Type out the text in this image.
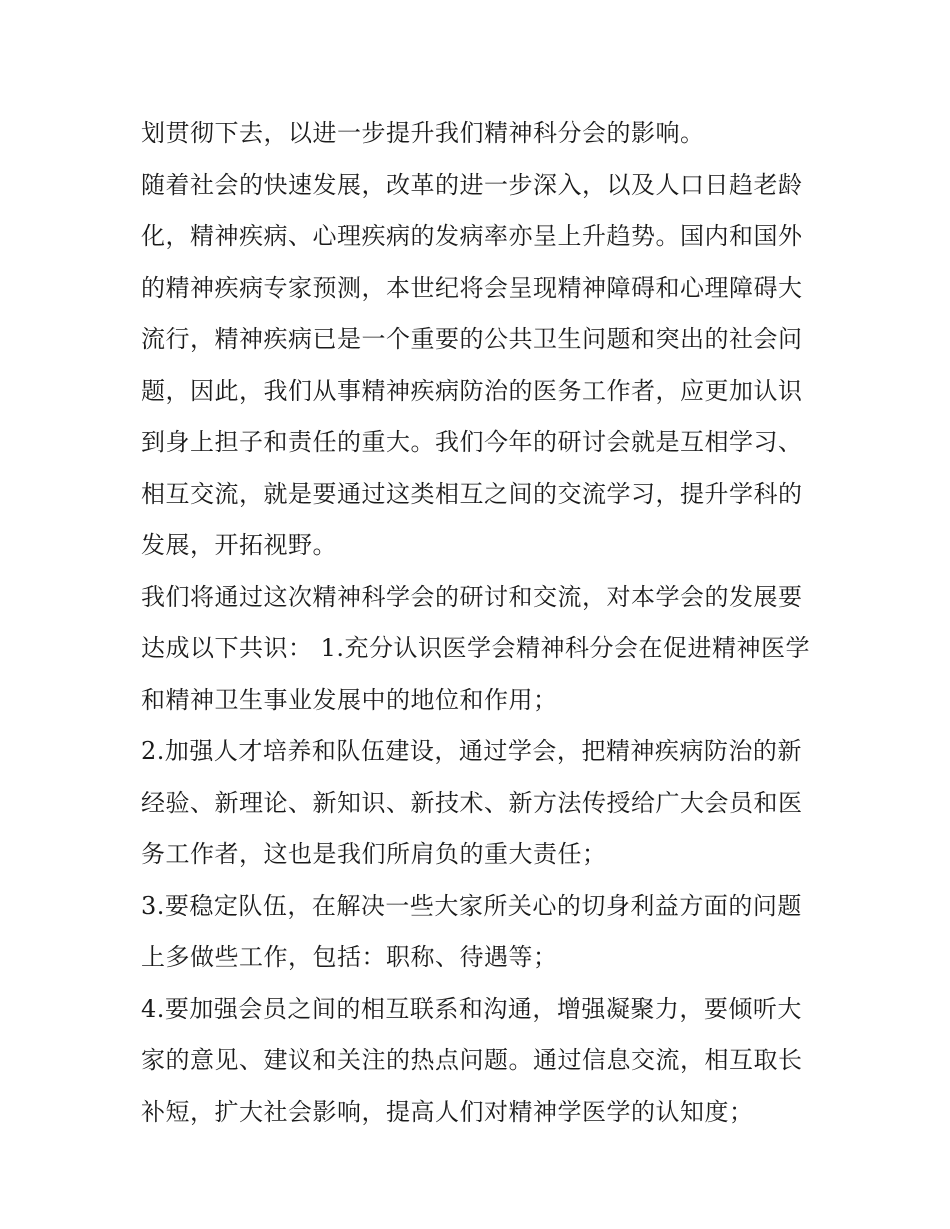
划贯彻下去，以进一步提升我们精神科分会的影响。
随着社会的快速发展，改革的进一步深入，以及人口日趋老龄
化，精神疾病、心理疾病的发病率亦呈上升趋势。国内和国外
的精神疾病专家预测，本世纪将会呈现精神障碍和心理障碍大
流行，精神疾病已是一个重要的公共卫生问题和突出的社会问
题，因此，我们从事精神疾病防治的医务工作者，应更加认识
到身上担子和责任的重大。我们今年的研讨会就是互相学习、
相互交流，就是要通过这类相互之间的交流学习，提升学科的
发展，开拓视野。
我们将通过这次精神科学会的研讨和交流，对本学会的发展要
达成以下共识： 1.充分认识医学会精神科分会在促进精神医学
和精神卫生事业发展中的地位和作用；
2.加强人才培养和队伍建设，通过学会，把精神疾病防治的新
经验、新理论、新知识、新技术、新方法传授给广大会员和医
务工作者，这也是我们所肩负的重大责任；
3.要稳定队伍，在解决一些大家所关心的切身利益方面的问题
上多做些工作，包括：职称、待遇等；
4.要加强会员之间的相互联系和沟通，增强凝聚力，要倾听大
家的意见、建议和关注的热点问题。通过信息交流，相互取长
补短，扩大社会影响，提高人们对精神学医学的认知度；
